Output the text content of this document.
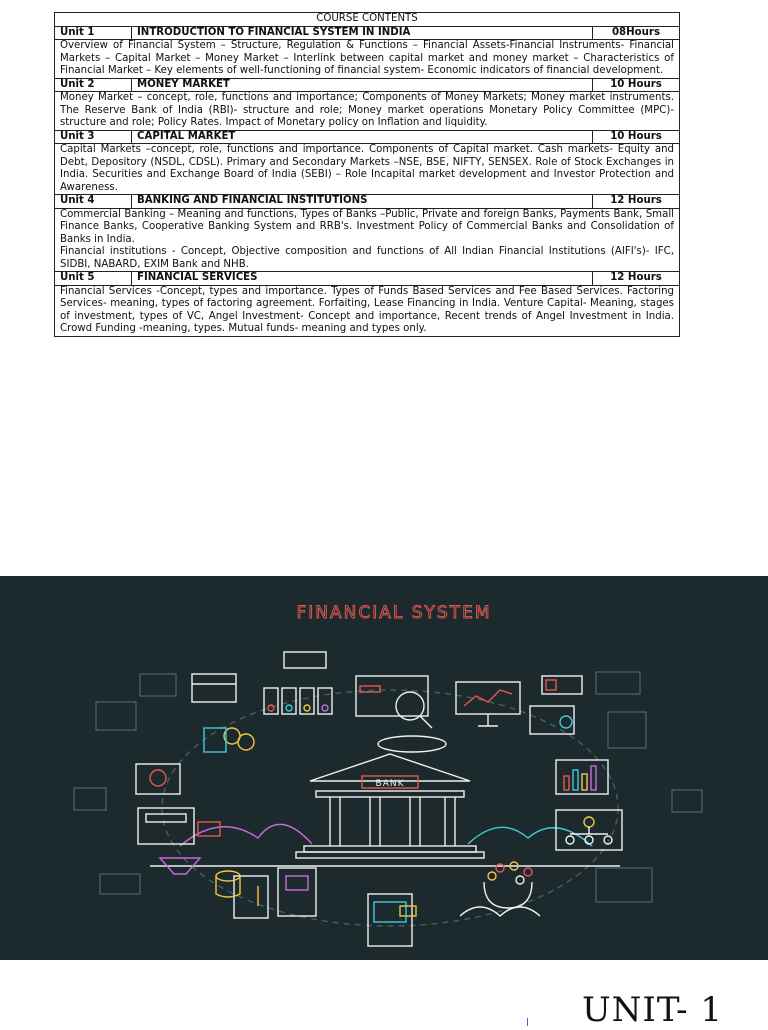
COURSE CONTENTS		
Unit 1	INTRODUCTION TO FINANCIAL SYSTEM IN INDIA	08Hours

Overview of Financial System – Structure, Regulation & Functions – Financial Assets-Financial Instruments- Financial Markets – Capital Market – Money Market – Interlink between capital market and money market – Characteristics of Financial Market – Key elements of well-functioning of financial system- Economic indicators of financial development.		

Unit 2	MONEY MARKET	10 Hours

Money Market – concept, role, functions and importance; Components of Money Markets; Money market instruments. The Reserve Bank of India (RBI)- structure and role; Money market operations Monetary Policy Committee (MPC)-structure and role; Policy Rates. Impact of Monetary policy on Inflation and liquidity.		

Unit 3	CAPITAL MARKET	10 Hours

Capital Markets –concept, role, functions and importance. Components of Capital market. Cash markets- Equity and Debt, Depository (NSDL, CDSL). Primary and Secondary Markets –NSE, BSE, NIFTY, SENSEX. Role of Stock Exchanges in India. Securities and Exchange Board of India (SEBI) – Role Incapital market development and Investor Protection and Awareness.		

Unit 4	BANKING AND FINANCIAL INSTITUTIONS	12 Hours

Commercial Banking – Meaning and functions, Types of Banks –Public, Private and foreign Banks, Payments Bank, Small Finance Banks, Cooperative Banking System and RRB's. Investment Policy of Commercial Banks and Consolidation of Banks in India.
Financial institutions - Concept, Objective composition and functions of All Indian Financial Institutions (AIFI's)- IFC, SIDBI, NABARD, EXIM Bank and NHB.		

Unit 5	FINANCIAL SERVICES	12 Hours

Financial Services -Concept, types and importance. Types of Funds Based Services and Fee Based Services. Factoring Services- meaning, types of factoring agreement. Forfaiting, Lease Financing in India. Venture Capital- Meaning, stages of investment, types of VC, Angel Investment- Concept and importance, Recent trends of Angel Investment in India. Crowd Funding -meaning, types. Mutual funds- meaning and types only.		
FINANCIAL SYSTEM
BANK
UNIT- 1
